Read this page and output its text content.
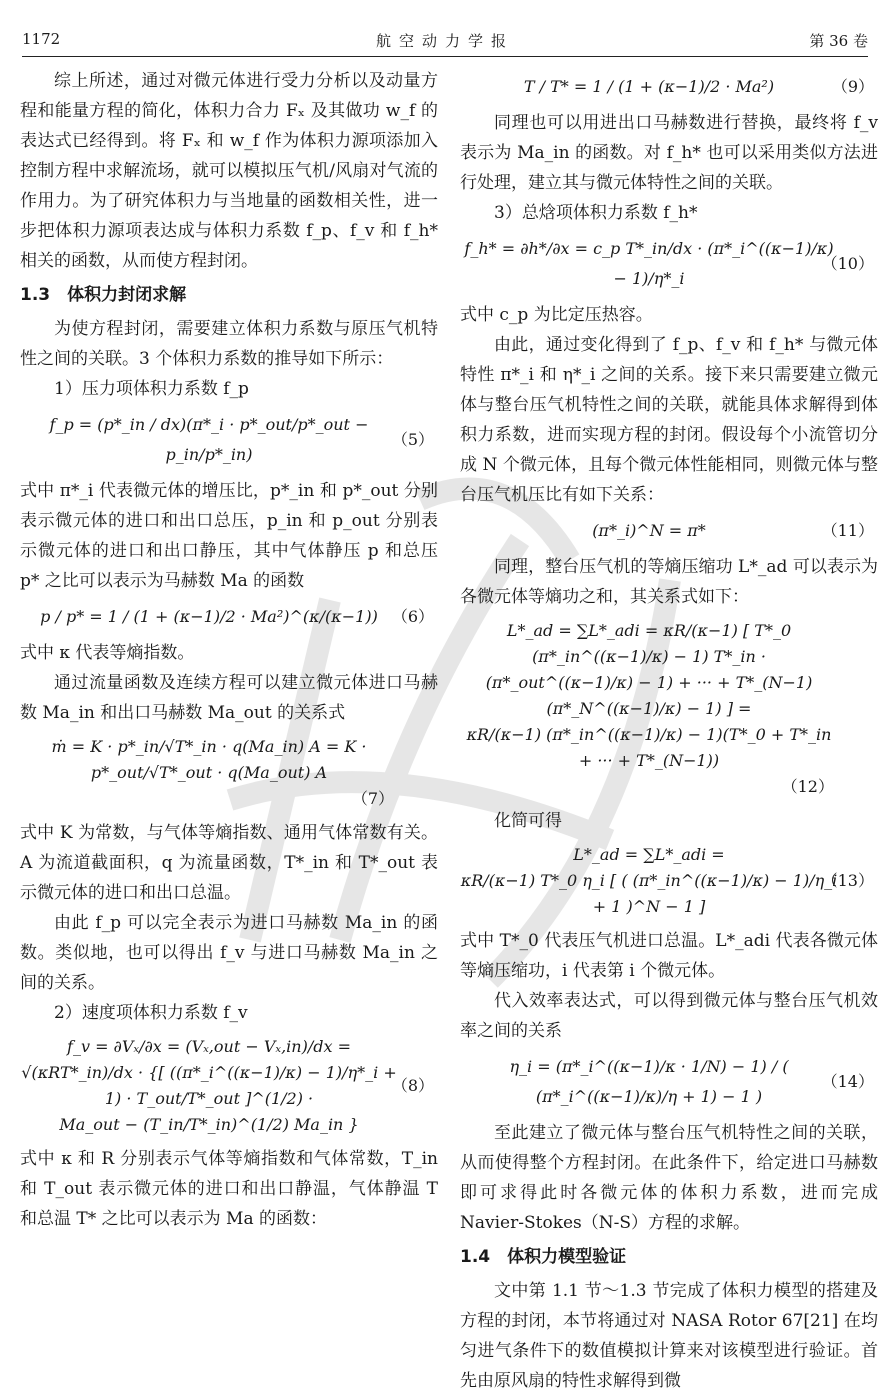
1172	航空动力学报	第 36 卷

综上所述，通过对微元体进行受力分析以及动量方程和能量方程的简化，体积力合力 Fₓ 及其做功 w_f 的表达式已经得到。将 Fₓ 和 w_f 作为体积力源项添加入控制方程中求解流场，就可以模拟压气机/风扇对气流的作用力。为了研究体积力与当地量的函数相关性，进一步把体积力源项表达成与体积力系数 f_p、f_v 和 f_h* 相关的函数，从而使方程封闭。

1.3　体积力封闭求解

为使方程封闭，需要建立体积力系数与原压气机特性之间的关联。3 个体积力系数的推导如下所示：

1）压力项体积力系数 f_p

f_p = (p*_in / dx)(π*_i · p*_out/p*_out − p_in/p*_in)
（5）

式中 π*_i 代表微元体的增压比，p*_in 和 p*_out 分别表示微元体的进口和出口总压，p_in 和 p_out 分别表示微元体的进口和出口静压，其中气体静压 p 和总压 p* 之比可以表示为马赫数 Ma 的函数

p / p* = 1 / (1 + (κ−1)/2 · Ma²)^(κ/(κ−1)) （6）

式中 κ 代表等熵指数。

通过流量函数及连续方程可以建立微元体进口马赫数 Ma_in 和出口马赫数 Ma_out 的关系式

ṁ = K · p*_in/√T*_in · q(Ma_in) A = K · p*_out/√T*_out · q(Ma_out) A
（7）

式中 K 为常数，与气体等熵指数、通用气体常数有关。A 为流道截面积，q 为流量函数，T*_in 和 T*_out 表示微元体的进口和出口总温。

由此 f_p 可以完全表示为进口马赫数 Ma_in 的函数。类似地，也可以得出 f_v 与进口马赫数 Ma_in 之间的关系。

2）速度项体积力系数 f_v

f_v = ∂Vₓ/∂x = (Vₓ,out − Vₓ,in)/dx =
√(κRT*_in)/dx · {[ ((π*_i^((κ−1)/κ) − 1)/η*_i + 1) · T_out/T*_out ]^(1/2) ·
Ma_out − (T_in/T*_in)^(1/2) Ma_in }
（8）

式中 κ 和 R 分别表示气体等熵指数和气体常数，T_in 和 T_out 表示微元体的进口和出口静温，气体静温 T 和总温 T* 之比可以表示为 Ma 的函数：

T / T* = 1 / (1 + (κ−1)/2 · Ma²)	（9）

同理也可以用进出口马赫数进行替换，最终将 f_v 表示为 Ma_in 的函数。对 f_h* 也可以采用类似方法进行处理，建立其与微元体特性之间的关联。

3）总焓项体积力系数 f_h*

f_h* = ∂h*/∂x = c_p T*_in/dx · (π*_i^((κ−1)/κ) − 1)/η*_i
（10）

式中 c_p 为比定压热容。

由此，通过变化得到了 f_p、f_v 和 f_h* 与微元体特性 π*_i 和 η*_i 之间的关系。接下来只需要建立微元体与整台压气机特性之间的关联，就能具体求解得到体积力系数，进而实现方程的封闭。假设每个小流管切分成 N 个微元体，且每个微元体性能相同，则微元体与整台压气机压比有如下关系：

(π*_i)^N = π*	（11）

同理，整台压气机的等熵压缩功 L*_ad 可以表示为各微元体等熵功之和，其关系式如下：

L*_ad = ∑L*_adi = κR/(κ−1) [ T*_0 (π*_in^((κ−1)/κ) − 1) T*_in ·
(π*_out^((κ−1)/κ) − 1) + ··· + T*_(N−1) (π*_N^((κ−1)/κ) − 1) ] =
κR/(κ−1) (π*_in^((κ−1)/κ) − 1)(T*_0 + T*_in + ··· + T*_(N−1))
（12）

化简可得

L*_ad = ∑L*_adi =
κR/(κ−1) T*_0 η_i [ ( (π*_in^((κ−1)/κ) − 1)/η_i + 1 )^N − 1 ]
（13）

式中 T*_0 代表压气机进口总温。L*_adi 代表各微元体等熵压缩功，i 代表第 i 个微元体。

代入效率表达式，可以得到微元体与整台压气机效率之间的关系

η_i = (π*_i^((κ−1)/κ · 1/N) − 1) / ( (π*_i^((κ−1)/κ)/η + 1) − 1 )
（14）

至此建立了微元体与整台压气机特性之间的关联，从而使得整个方程封闭。在此条件下，给定进口马赫数即可求得此时各微元体的体积力系数，进而完成 Navier-Stokes（N-S）方程的求解。

1.4　体积力模型验证

文中第 1.1 节～1.3 节完成了体积力模型的搭建及方程的封闭，本节将通过对 NASA Rotor 67[21] 在均匀进气条件下的数值模拟计算来对该模型进行验证。首先由原风扇的特性求解得到微
